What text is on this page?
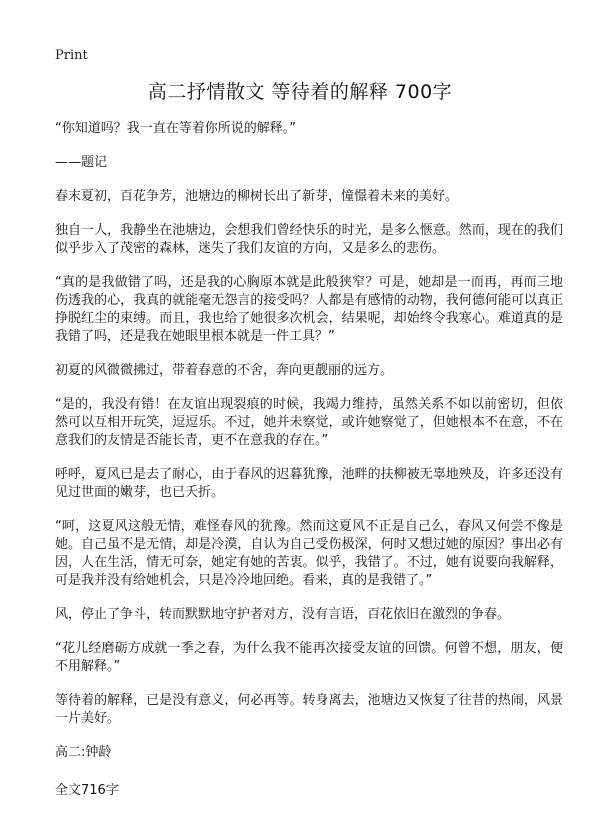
Print
高二抒情散文 等待着的解释 700字

“你知道吗？我一直在等着你所说的解释。”

——题记

春末夏初，百花争芳，池塘边的柳树长出了新芽，憧憬着未来的美好。

独自一人，我静坐在池塘边，会想我们曾经快乐的时光，是多么惬意。然而，现在的我们似乎步入了茂密的森林，迷失了我们友谊的方向，又是多么的悲伤。

“真的是我做错了吗，还是我的心胸原本就是此般狭窄？可是，她却是一而再，再而三地伤透我的心，我真的就能毫无怨言的接受吗？人都是有感情的动物，我何德何能可以真正挣脱红尘的束缚。而且，我也给了她很多次机会，结果呢，却始终令我寒心。难道真的是我错了吗，还是我在她眼里根本就是一件工具？”

初夏的风微微拂过，带着春意的不舍，奔向更靓丽的远方。

“是的，我没有错！在友谊出现裂痕的时候，我竭力维持，虽然关系不如以前密切，但依然可以互相开玩笑，逗逗乐。不过，她并未察觉，或许她察觉了，但她根本不在意，不在意我们的友情是否能长青，更不在意我的存在。”

呼呼，夏风已是去了耐心，由于春风的迟暮犹豫，池畔的扶柳被无辜地殃及，许多还没有见过世面的嫩芽，也已夭折。

“呵，这夏风这般无情，难怪春风的犹豫。然而这夏风不正是自己么，春风又何尝不像是她。自己虽不是无情，却是冷漠，自认为自己受伤极深，何时又想过她的原因？事出必有因，人在生活，情无可奈，她定有她的苦衷。似乎，我错了。不过，她有说要向我解释，可是我并没有给她机会，只是冷冷地回绝。看来，真的是我错了。”

风，停止了争斗，转而默默地守护者对方，没有言语，百花依旧在激烈的争春。

“花儿经磨砺方成就一季之春，为什么我不能再次接受友谊的回馈。何曾不想，朋友，便不用解释。”

等待着的解释，已是没有意义，何必再等。转身离去，池塘边又恢复了往昔的热闹，风景一片美好。

高二:钟龄

全文716字
